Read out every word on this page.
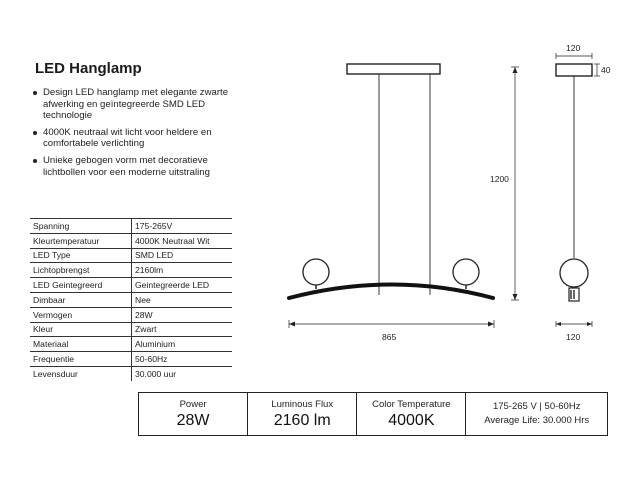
LED Hanglamp
Design LED hanglamp met elegante zwarte afwerking en geïntegreerde SMD LED technologie
4000K neutraal wit licht voor heldere en comfortabele verlichting
Unieke gebogen vorm met decoratieve lichtbollen voor een moderne uitstraling
Spanning	175-265V
Kleurtemperatuur	4000K Neutraal Wit
LED Type	SMD LED
Lichtopbrengst	2160lm
LED Geintegreerd	Geintegreerde LED
Dimbaar	Nee
Vermogen	28W
Kleur	Zwart
Materiaal	Aluminium
Frequentie	50-60Hz
Levensduur	30.000 uur
1200
865
120
40
120
Power
28W
Luminous Flux
2160 lm
Color Temperature
4000K
175-265 V | 50-60Hz
Average Life: 30.000 Hrs
